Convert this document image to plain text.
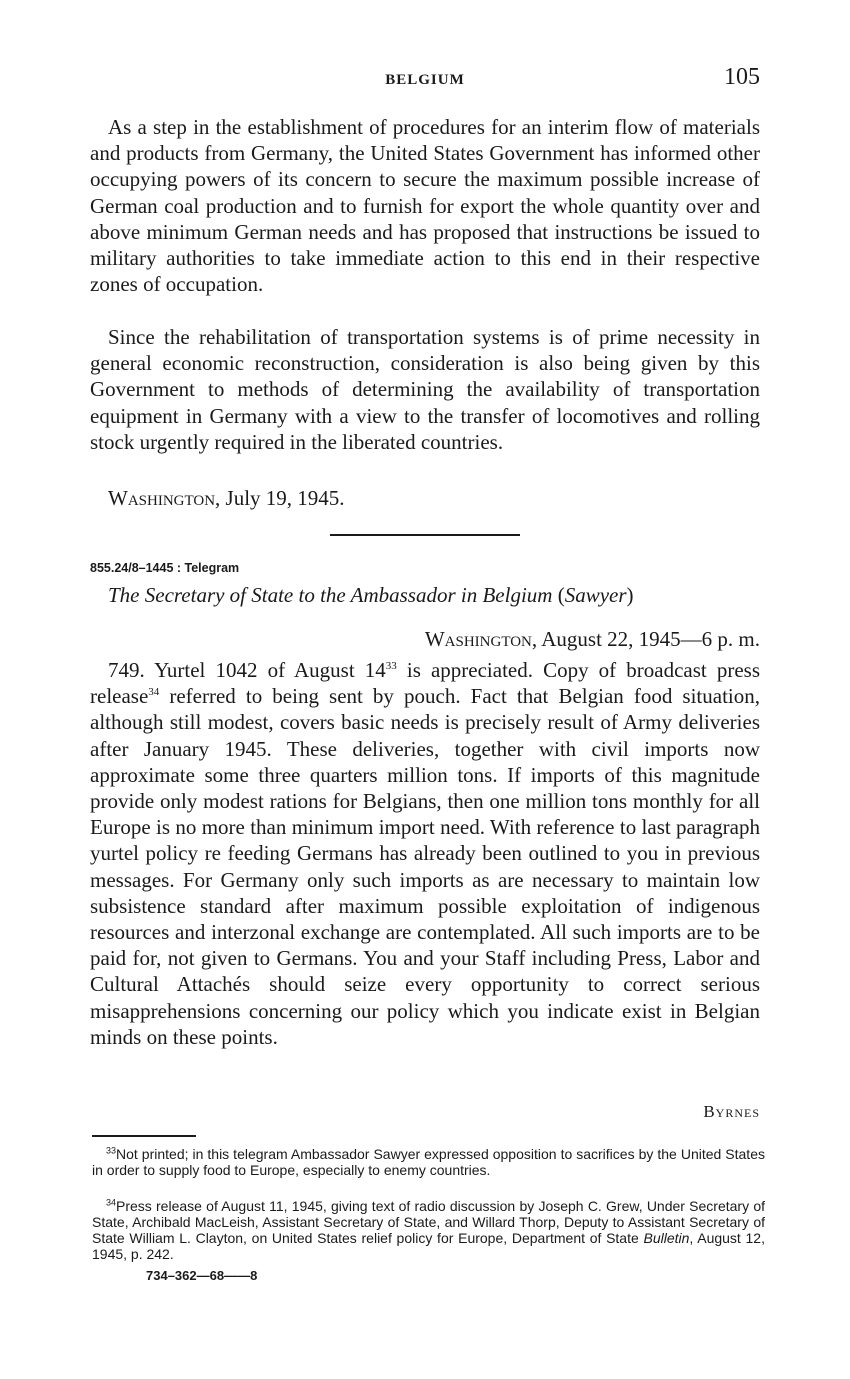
BELGIUM	105

As a step in the establishment of procedures for an interim flow of materials and products from Germany, the United States Government has informed other occupying powers of its concern to secure the maximum possible increase of German coal production and to furnish for export the whole quantity over and above minimum German needs and has proposed that instructions be issued to military authorities to take immediate action to this end in their respective zones of occupation.

Since the rehabilitation of transportation systems is of prime necessity in general economic reconstruction, consideration is also being given by this Government to methods of determining the availability of transportation equipment in Germany with a view to the transfer of locomotives and rolling stock urgently required in the liberated countries.

Washington, July 19, 1945.
855.24/8–1445 : Telegram
The Secretary of State to the Ambassador in Belgium (Sawyer)
Washington, August 22, 1945—6 p. m.

749. Yurtel 1042 of August $14^{33}$ is appreciated. Copy of broadcast press release$^{34}$ referred to being sent by pouch. Fact that Belgian food situation, although still modest, covers basic needs is precisely result of Army deliveries after January 1945. These deliveries, together with civil imports now approximate some three quarters million tons. If imports of this magnitude provide only modest rations for Belgians, then one million tons monthly for all Europe is no more than minimum import need. With reference to last paragraph yurtel policy re feeding Germans has already been outlined to you in previous messages. For Germany only such imports as are necessary to maintain low subsistence standard after maximum possible exploitation of indigenous resources and interzonal exchange are contemplated. All such imports are to be paid for, not given to Germans. You and your Staff including Press, Labor and Cultural Attachés should seize every opportunity to correct serious misapprehensions concerning our policy which you indicate exist in Belgian minds on these points.

Byrnes

$^{33}$Not printed; in this telegram Ambassador Sawyer expressed opposition to sacrifices by the United States in order to supply food to Europe, especially to enemy countries.

$^{34}$Press release of August 11, 1945, giving text of radio discussion by Joseph C. Grew, Under Secretary of State, Archibald MacLeish, Assistant Secretary of State, and Willard Thorp, Deputy to Assistant Secretary of State William L. Clayton, on United States relief policy for Europe, Department of State Bulletin, August 12, 1945, p. 242.

734–362—68——8
